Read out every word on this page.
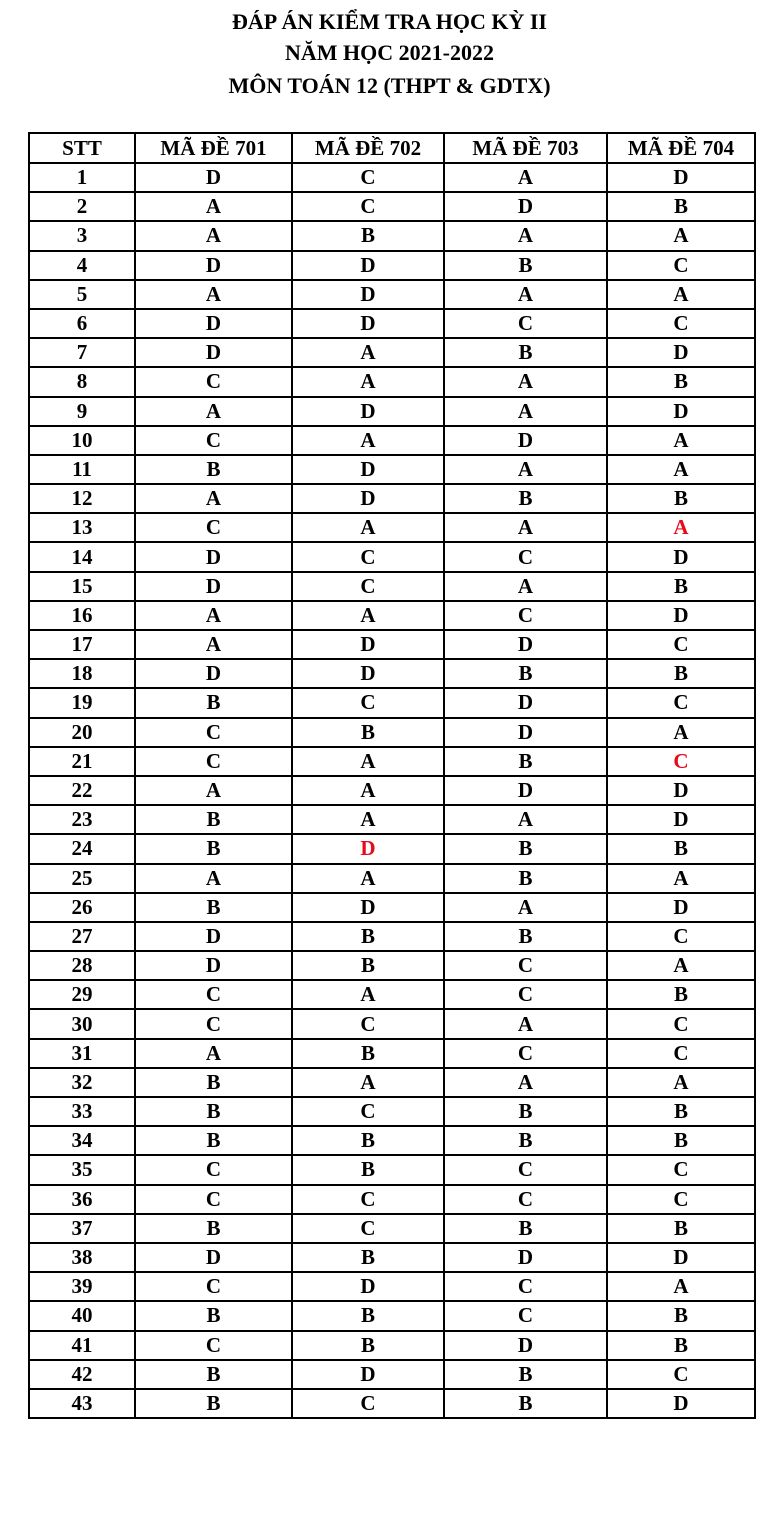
ĐÁP ÁN KIỂM TRA HỌC KỲ II
NĂM HỌC 2021-2022
MÔN TOÁN 12 (THPT & GDTX)
STT	MÃ ĐỀ 701	MÃ ĐỀ 702	MÃ ĐỀ 703	MÃ ĐỀ 704
1	D	C	A	D
2	A	C	D	B
3	A	B	A	A
4	D	D	B	C
5	A	D	A	A
6	D	D	C	C
7	D	A	B	D
8	C	A	A	B
9	A	D	A	D
10	C	A	D	A
11	B	D	A	A
12	A	D	B	B
13	C	A	A	A
14	D	C	C	D
15	D	C	A	B
16	A	A	C	D
17	A	D	D	C
18	D	D	B	B
19	B	C	D	C
20	C	B	D	A
21	C	A	B	C
22	A	A	D	D
23	B	A	A	D
24	B	D	B	B
25	A	A	B	A
26	B	D	A	D
27	D	B	B	C
28	D	B	C	A
29	C	A	C	B
30	C	C	A	C
31	A	B	C	C
32	B	A	A	A
33	B	C	B	B
34	B	B	B	B
35	C	B	C	C
36	C	C	C	C
37	B	C	B	B
38	D	B	D	D
39	C	D	C	A
40	B	B	C	B
41	C	B	D	B
42	B	D	B	C
43	B	C	B	D
